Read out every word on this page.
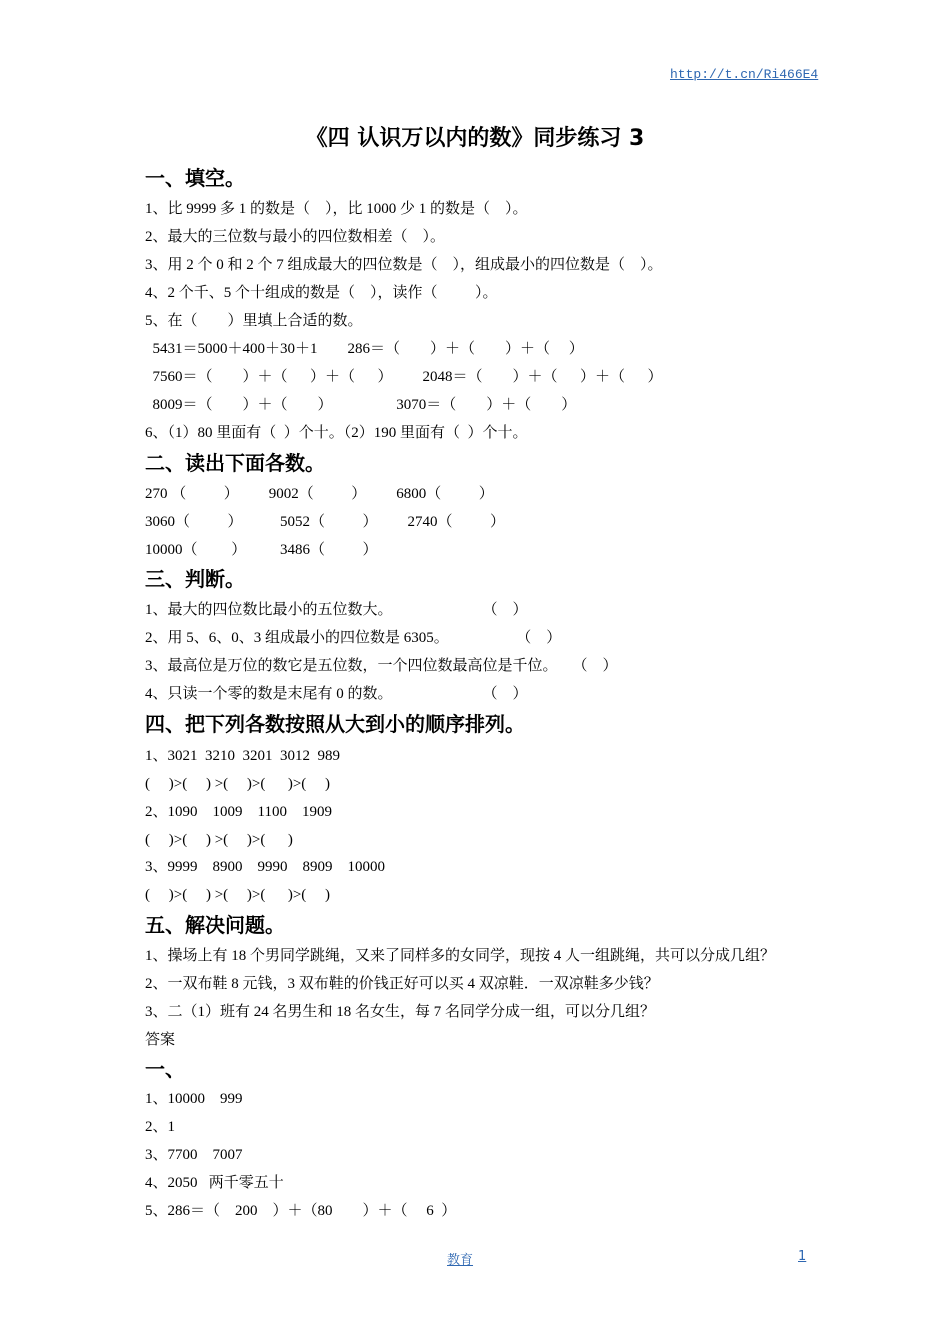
http://t.cn/Ri466E4
《四 认识万以内的数》同步练习 3
一、填空。
1、比 9999 多 1 的数是（    ），比 1000 少 1 的数是（    ）。
2、最大的三位数与最小的四位数相差（    ）。
3、用 2 个 0 和 2 个 7 组成最大的四位数是（    ），组成最小的四位数是（    ）。
4、2 个千、5 个十组成的数是（    ），读作（          ）。
5、在（        ）里填上合适的数。
5431＝5000＋400＋30＋1        286＝（        ）＋（        ）＋（     ）
7560＝（        ）＋（      ）＋（      ）        2048＝（        ）＋（      ）＋（      ）
8009＝（        ）＋（        ）                 3070＝（        ）＋（        ）
6、（1）80 里面有（  ）个十。（2）190 里面有（  ）个十。
二、读出下面各数。
270 （          ）        9002（          ）        6800（          ）
3060（          ）          5052（          ）        2740（          ）
10000（         ）         3486（          ）
三、判断。
1、最大的四位数比最小的五位数大。                        （    ）
2、用 5、6、0、3 组成最小的四位数是 6305。                  （    ）
3、最高位是万位的数它是五位数，一个四位数最高位是千位。    （    ）
4、只读一个零的数是末尾有 0 的数。                        （    ）
四、把下列各数按照从大到小的顺序排列。
1、3021  3210  3201  3012  989
(     )>(     ) >(     )>(      )>(     )
2、1090    1009    1100    1909
(     )>(     ) >(     )>(      )
3、9999    8900    9990    8909    10000
(     )>(     ) >(     )>(      )>(     )
五、解决问题。
1、操场上有 18 个男同学跳绳，又来了同样多的女同学，现按 4 人一组跳绳，共可以分成几组？
2、一双布鞋 8 元钱，3 双布鞋的价钱正好可以买 4 双凉鞋．一双凉鞋多少钱？
3、二（1）班有 24 名男生和 18 名女生，每 7 名同学分成一组，可以分几组？
答案
一、
1、10000    999
2、1
3、7700    7007
4、2050   两千零五十
5、286＝（    200    ）＋（80        ）＋（     6  ）
教育	1
